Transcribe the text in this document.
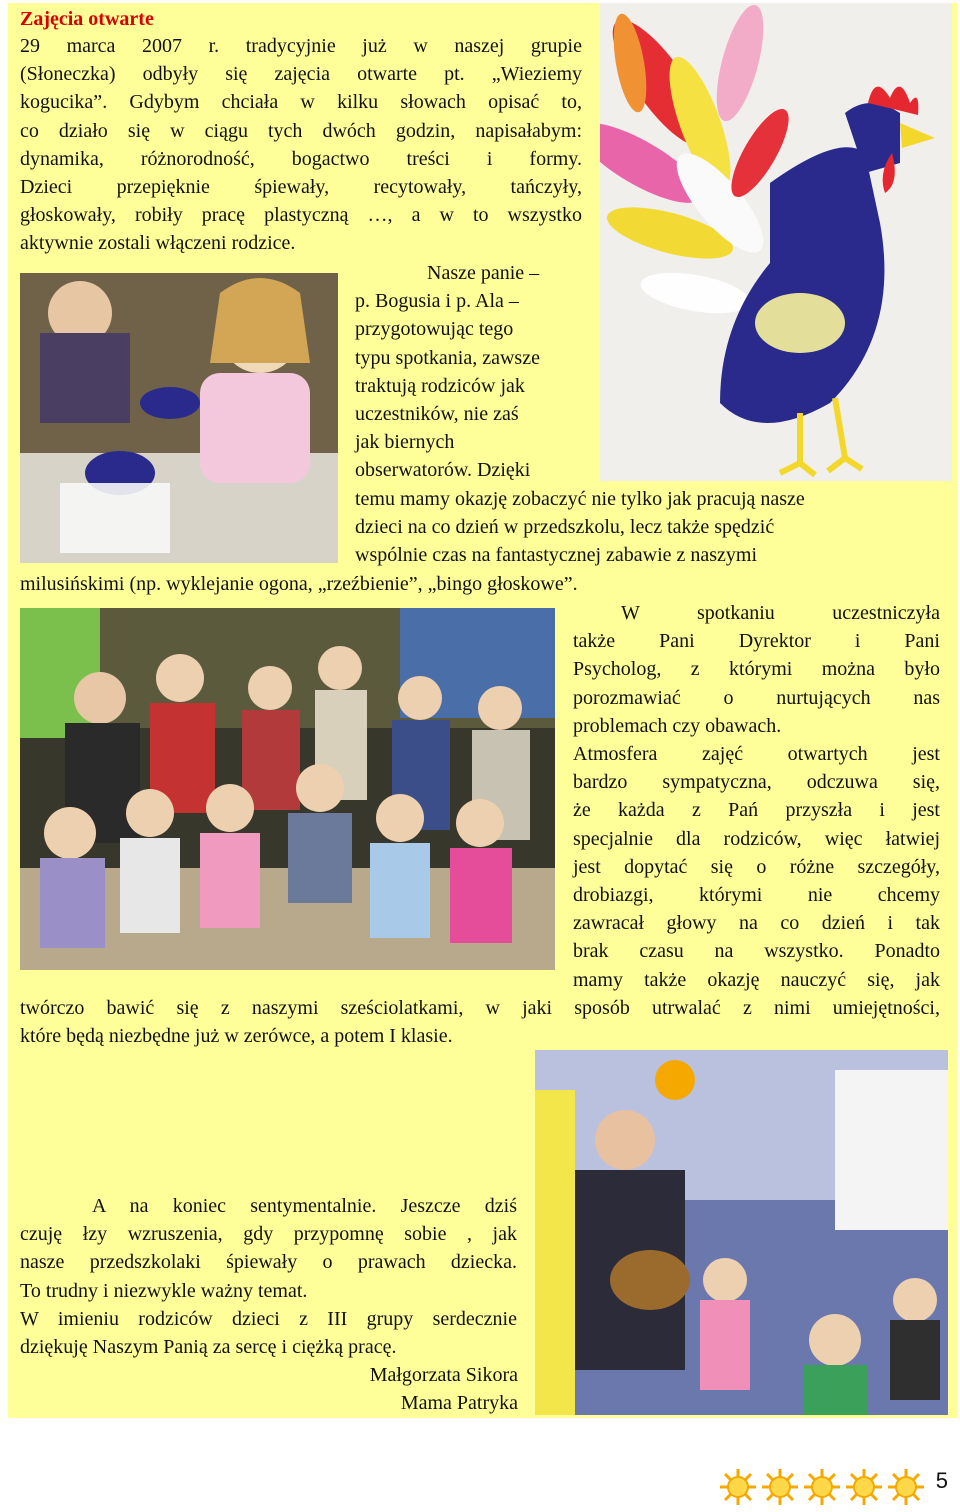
Zajęcia otwarte
29 marca 2007 r. tradycyjnie już w naszej grupie
(Słoneczka) odbyły się zajęcia otwarte pt. „Wieziemy
kogucika”. Gdybym chciała w kilku słowach opisać to,
co działo się w ciągu tych dwóch godzin, napisałabym:
dynamika, różnorodność, bogactwo treści i formy.
Dzieci przepięknie śpiewały, recytowały, tańczyły,
głoskowały, robiły pracę plastyczną …, a w to wszystko
aktywnie zostali włączeni rodzice.
Nasze panie –
p. Bogusia i p. Ala –
przygotowując tego
typu spotkania, zawsze
traktują rodziców jak
uczestników, nie zaś
jak biernych
obserwatorów. Dzięki
temu mamy okazję zobaczyć nie tylko jak pracują nasze
dzieci na co dzień w przedszkolu, lecz także spędzić
wspólnie czas na fantastycznej zabawie z naszymi
milusińskimi (np. wyklejanie ogona, „rzeźbienie”, „bingo głoskowe”.
W spotkaniu uczestniczyła
także Pani Dyrektor i Pani
Psycholog, z którymi można było
porozmawiać o nurtujących nas
problemach czy obawach.
Atmosfera zajęć otwartych jest
bardzo sympatyczna, odczuwa się,
że każda z Pań przyszła i jest
specjalnie dla rodziców, więc łatwiej
jest dopytać się o różne szczegóły,
drobiazgi, którymi nie chcemy
zawracał głowy na co dzień i tak
brak czasu na wszystko. Ponadto
mamy także okazję nauczyć się, jak
twórczo bawić się z naszymi sześciolatkami, w jaki sposób utrwalać z nimi umiejętności,
które będą niezbędne już w zerówce, a potem I klasie.
A na koniec sentymentalnie. Jeszcze dziś
czuję łzy wzruszenia, gdy przypomnę sobie , jak
nasze przedszkolaki śpiewały o prawach dziecka.
To trudny i niezwykle ważny temat.
W imieniu rodziców dzieci z III grupy serdecznie
dziękuję Naszym Panią za sercę i ciężką pracę.
Małgorzata Sikora
Mama Patryka
5
